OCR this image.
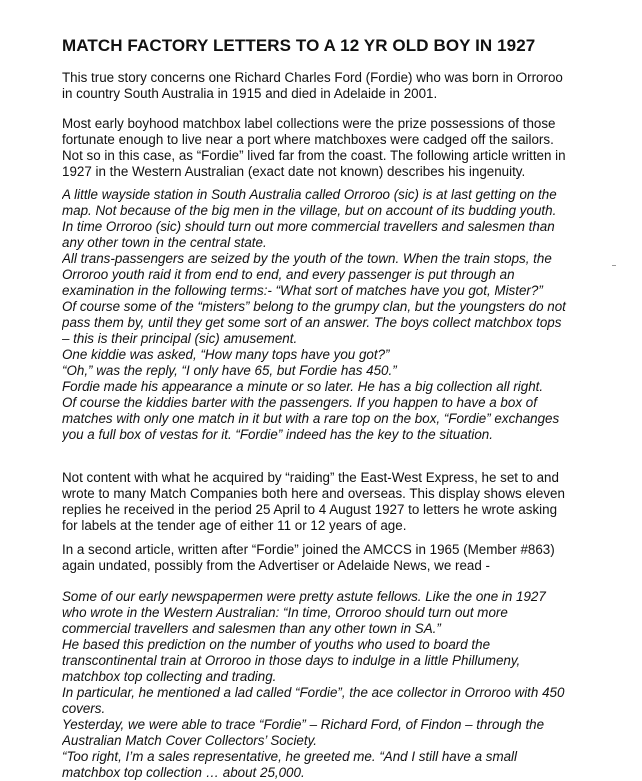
MATCH FACTORY LETTERS TO A 12 YR OLD BOY IN 1927
This true story concerns one Richard Charles Ford (Fordie) who was born in Orroroo
in country South Australia in 1915 and died in Adelaide in 2001.
Most early boyhood matchbox label collections were the prize possessions of those
fortunate enough to live near a port where matchboxes were cadged off the sailors.
Not so in this case, as “Fordie” lived far from the coast. The following article written in
1927 in the Western Australian (exact date not known) describes his ingenuity.
A little wayside station in South Australia called Orroroo (sic) is at last getting on the
map. Not because of the big men in the village, but on account of its budding youth.
In time Orroroo (sic) should turn out more commercial travellers and salesmen than
any other town in the central state.
All trans-passengers are seized by the youth of the town. When the train stops, the
Orroroo youth raid it from end to end, and every passenger is put through an
examination in the following terms:- “What sort of matches have you got, Mister?”
Of course some of the “misters” belong to the grumpy clan, but the youngsters do not
pass them by, until they get some sort of an answer. The boys collect matchbox tops
– this is their principal (sic) amusement.
One kiddie was asked, “How many tops have you got?”
“Oh,” was the reply, “I only have 65, but Fordie has 450.”
Fordie made his appearance a minute or so later. He has a big collection all right.
Of course the kiddies barter with the passengers. If you happen to have a box of
matches with only one match in it but with a rare top on the box, “Fordie” exchanges
you a full box of vestas for it. “Fordie” indeed has the key to the situation.
Not content with what he acquired by “raiding” the East-West Express, he set to and
wrote to many Match Companies both here and overseas. This display shows eleven
replies he received in the period 25 April to 4 August 1927 to letters he wrote asking
for labels at the tender age of either 11 or 12 years of age.
In a second article, written after “Fordie” joined the AMCCS in 1965 (Member #863)
again undated, possibly from the Advertiser or Adelaide News, we read -
Some of our early newspapermen were pretty astute fellows. Like the one in 1927
who wrote in the Western Australian: “In time, Orroroo should turn out more
commercial travellers and salesmen than any other town in SA.”
He based this prediction on the number of youths who used to board the
transcontinental train at Orroroo in those days to indulge in a little Phillumeny,
matchbox top collecting and trading.
In particular, he mentioned a lad called “Fordie”, the ace collector in Orroroo with 450
covers.
Yesterday, we were able to trace “Fordie” – Richard Ford, of Findon – through the
Australian Match Cover Collectors’ Society.
“Too right, I’m a sales representative, he greeted me. “And I still have a small
matchbox top collection … about 25,000.
